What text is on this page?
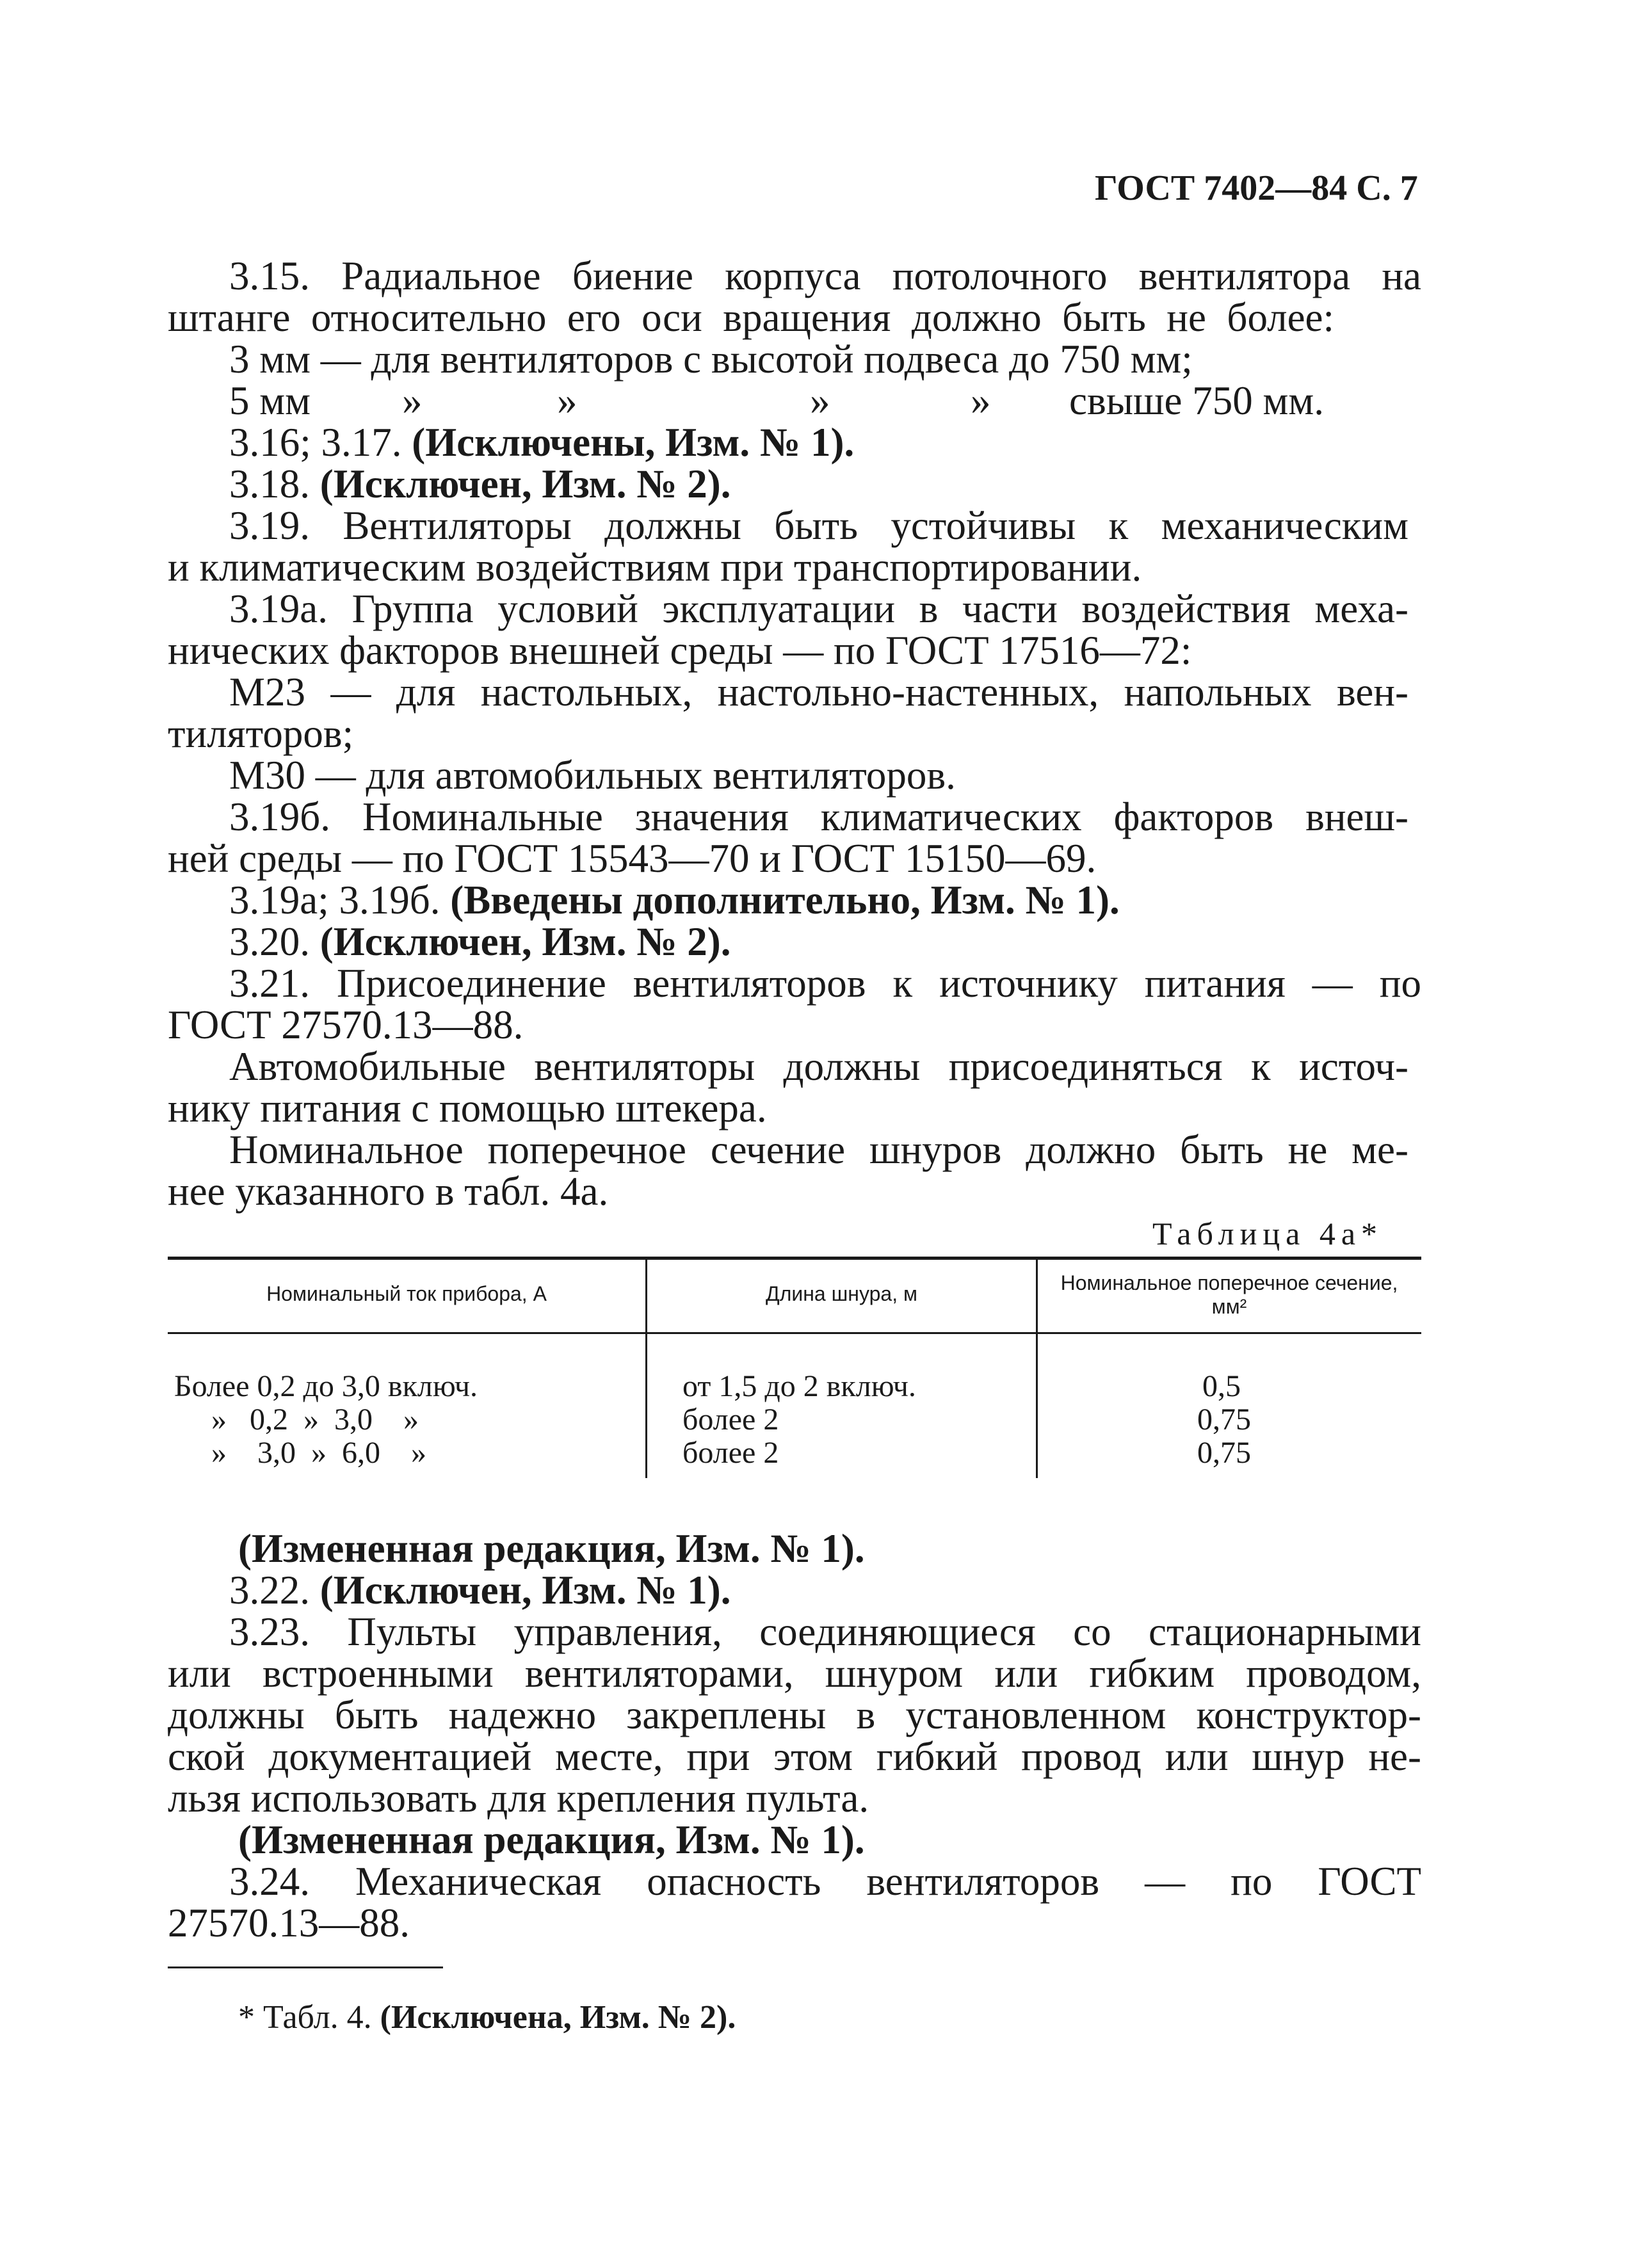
ГОСТ 7402—84 С. 7
3.15. Радиальное биение корпуса потолочного вентилятора на
штанге относительно его оси вращения должно быть не более:
3 мм — для вентиляторов с высотой подвеса до 750 мм;
5 мм »	»	»	» свыше 750 мм.
3.16; 3.17. (Исключены, Изм. № 1).
3.18. (Исключен, Изм. № 2).
3.19. Вентиляторы должны быть устойчивы к механическим
и климатическим воздействиям при транспортировании.
3.19а. Группа условий эксплуатации в части воздействия меха-
нических факторов внешней среды — по ГОСТ 17516—72:
М23 — для настольных, настольно-настенных, напольных вен-
тиляторов;
М30 — для автомобильных вентиляторов.
3.19б. Номинальные значения климатических факторов внеш-
ней среды — по ГОСТ 15543—70 и ГОСТ 15150—69.
3.19а; 3.19б. (Введены дополнительно, Изм. № 1).
3.20. (Исключен, Изм. № 2).
3.21. Присоединение вентиляторов к источнику питания — по
ГОСТ 27570.13—88.
Автомобильные вентиляторы должны присоединяться к источ-
нику питания с помощью штекера.
Номинальное поперечное сечение шнуров должно быть не ме-
нее указанного в табл. 4а.
Таблица 4а*
Номинальный ток прибора, А	Длина шнура, м	Номинальное поперечное сечение, мм²
Более 0,2 до 3,0 включ.	от 1,5 до 2 включ.	0,5
»   0,2  »  3,0    »	более 2	0,75
»    3,0  »  6,0    »	более 2	0,75
(Измененная редакция, Изм. № 1).
3.22. (Исключен, Изм. № 1).
3.23. Пульты управления, соединяющиеся со стационарными
или встроенными вентиляторами, шнуром или гибким проводом,
должны быть надежно закреплены в установленном конструктор-
ской документацией месте, при этом гибкий провод или шнур не-
льзя использовать для крепления пульта.
(Измененная редакция, Изм. № 1).
3.24. Механическая опасность вентиляторов — по ГОСТ
27570.13—88.
* Табл. 4. (Исключена, Изм. № 2).
